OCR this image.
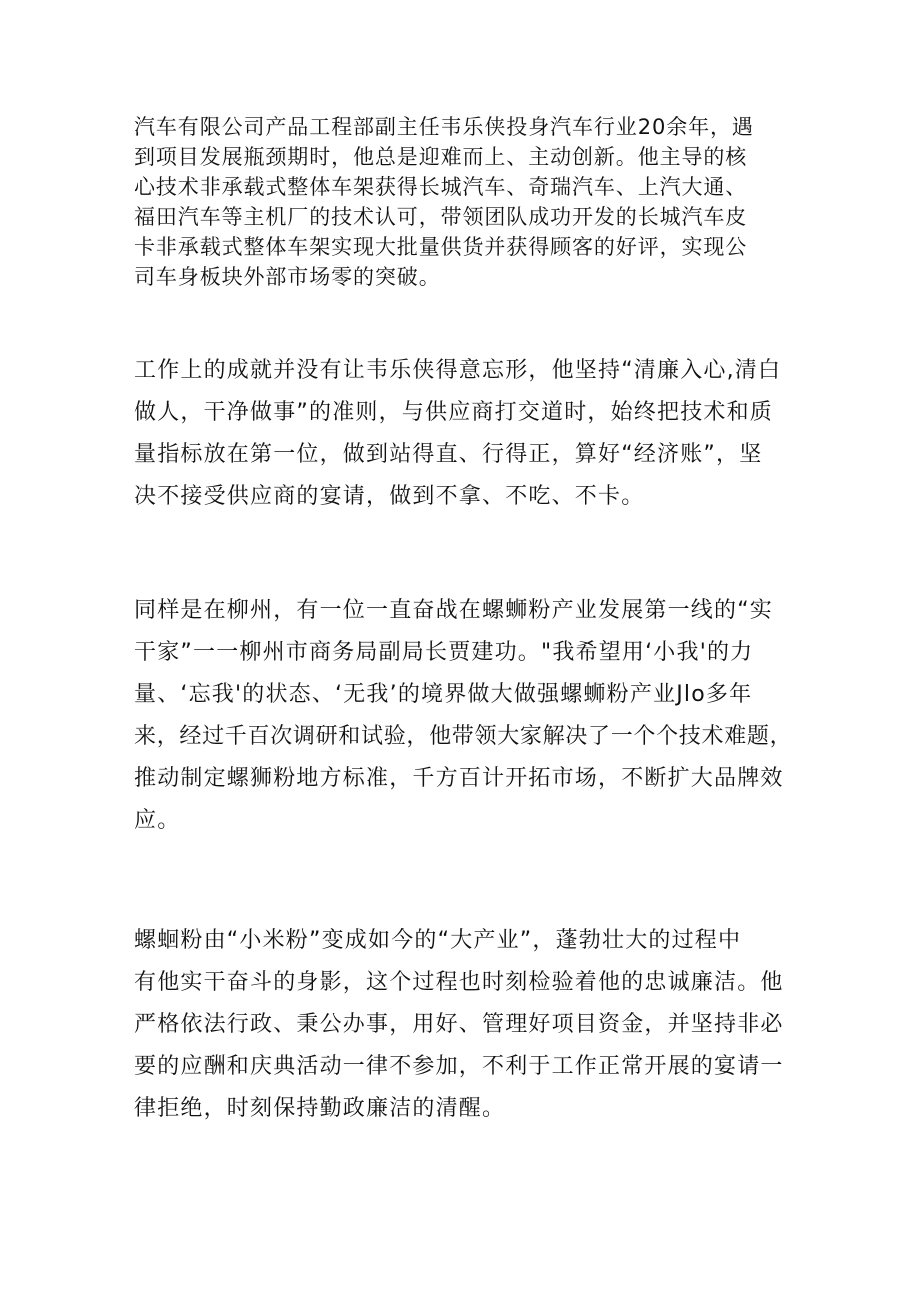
汽车有限公司产品工程部副主任韦乐侠投身汽车行业20余年，遇
到项目发展瓶颈期时，他总是迎难而上、主动创新。他主导的核
心技术非承载式整体车架获得长城汽车、奇瑞汽车、上汽大通、
福田汽车等主机厂的技术认可，带领团队成功开发的长城汽车皮
卡非承载式整体车架实现大批量供货并获得顾客的好评，实现公
司车身板块外部市场零的突破。
工作上的成就并没有让韦乐侠得意忘形，他坚持“清廉入心,清白
做人，干净做事”的准则，与供应商打交道时，始终把技术和质
量指标放在第一位，做到站得直、行得正，算好“经济账”，坚
决不接受供应商的宴请，做到不拿、不吃、不卡。
同样是在柳州，有一位一直奋战在螺蛳粉产业发展第一线的“实
干家”一一柳州市商务局副局长贾建功。"我希望用‘小我'的力
量、‘忘我'的状态、‘无我’的境界做大做强螺蛳粉产业Jlo多年
来，经过千百次调研和试验，他带领大家解决了一个个技术难题，
推动制定螺狮粉地方标准，千方百计开拓市场，不断扩大品牌效
应。
螺蛔粉由“小米粉”变成如今的“大产业”，蓬勃壮大的过程中
有他实干奋斗的身影，这个过程也时刻检验着他的忠诚廉洁。他
严格依法行政、秉公办事，用好、管理好项目资金，并坚持非必
要的应酬和庆典活动一律不参加，不利于工作正常开展的宴请一
律拒绝，时刻保持勤政廉洁的清醒。
